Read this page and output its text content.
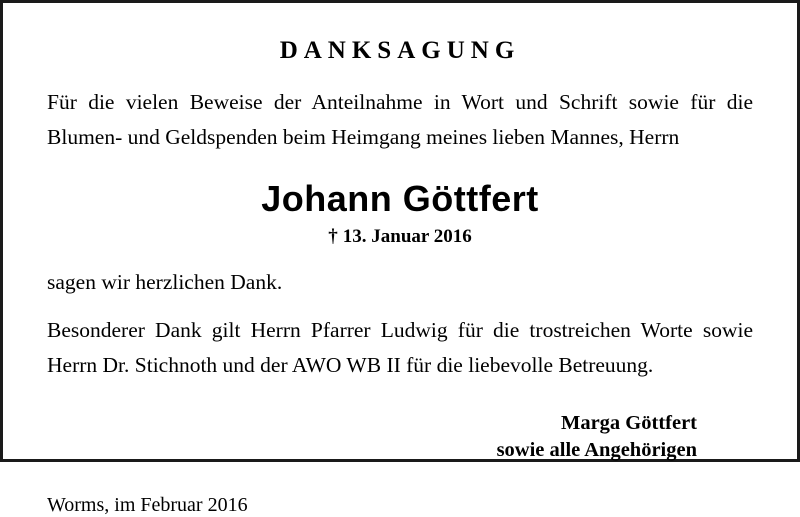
DANKSAGUNG

Für die vielen Beweise der Anteilnahme in Wort und Schrift sowie für die

Blumen- und Geldspenden beim Heimgang meines lieben Mannes, Herrn

Johann Göttfert
† 13. Januar 2016

sagen wir herzlichen Dank.

Besonderer Dank gilt Herrn Pfarrer Ludwig für die trostreichen Worte sowie

Herrn Dr. Stichnoth und der AWO WB II für die liebevolle Betreuung.

Marga Göttfert
sowie alle Angehörigen
Worms, im Februar 2016
